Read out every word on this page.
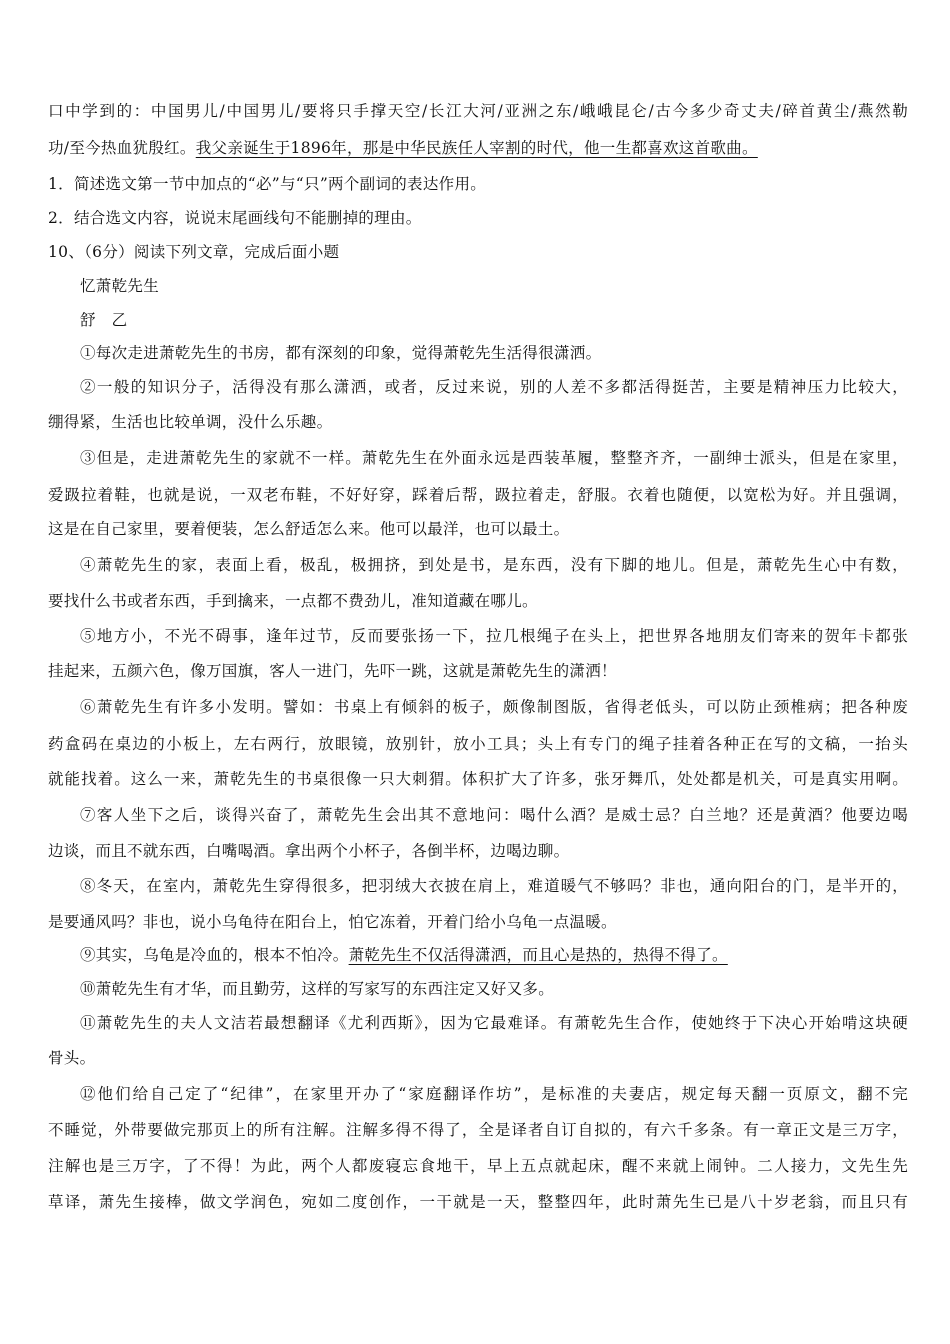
口中学到的：中国男儿/中国男儿/要将只手撑天空/长江大河/亚洲之东/峨峨昆仑/古今多少奇丈夫/碎首黄尘/燕然勒
功/至今热血犹殷红。我父亲诞生于1896年，那是中华民族任人宰割的时代，他一生都喜欢这首歌曲。
1．简述选文第一节中加点的“必”与“只”两个副词的表达作用。
2．结合选文内容，说说末尾画线句不能删掉的理由。
10、（6分）阅读下列文章，完成后面小题
忆萧乾先生
舒　乙
①每次走进萧乾先生的书房，都有深刻的印象，觉得萧乾先生活得很潇洒。
②一般的知识分子，活得没有那么潇洒，或者，反过来说，别的人差不多都活得挺苦，主要是精神压力比较大，
绷得紧，生活也比较单调，没什么乐趣。
③但是，走进萧乾先生的家就不一样。萧乾先生在外面永远是西装革履，整整齐齐，一副绅士派头，但是在家里，
爱趿拉着鞋，也就是说，一双老布鞋，不好好穿，踩着后帮，趿拉着走，舒服。衣着也随便，以宽松为好。并且强调，
这是在自己家里，要着便装，怎么舒适怎么来。他可以最洋，也可以最土。
④萧乾先生的家，表面上看，极乱，极拥挤，到处是书，是东西，没有下脚的地儿。但是，萧乾先生心中有数，
要找什么书或者东西，手到擒来，一点都不费劲儿，准知道藏在哪儿。
⑤地方小，不光不碍事，逢年过节，反而要张扬一下，拉几根绳子在头上，把世界各地朋友们寄来的贺年卡都张
挂起来，五颜六色，像万国旗，客人一进门，先吓一跳，这就是萧乾先生的潇洒！
⑥萧乾先生有许多小发明。譬如：书桌上有倾斜的板子，颇像制图版，省得老低头，可以防止颈椎病；把各种废
药盒码在桌边的小板上，左右两行，放眼镜，放别针，放小工具；头上有专门的绳子挂着各种正在写的文稿，一抬头
就能找着。这么一来，萧乾先生的书桌很像一只大刺猬。体积扩大了许多，张牙舞爪，处处都是机关，可是真实用啊。
⑦客人坐下之后，谈得兴奋了，萧乾先生会出其不意地问：喝什么酒？是威士忌？白兰地？还是黄酒？他要边喝
边谈，而且不就东西，白嘴喝酒。拿出两个小杯子，各倒半杯，边喝边聊。
⑧冬天，在室内，萧乾先生穿得很多，把羽绒大衣披在肩上，难道暖气不够吗？非也，通向阳台的门，是半开的，
是要通风吗？非也，说小乌龟待在阳台上，怕它冻着，开着门给小乌龟一点温暖。
⑨其实，乌龟是冷血的，根本不怕冷。萧乾先生不仅活得潇洒，而且心是热的，热得不得了。
⑩萧乾先生有才华，而且勤劳，这样的写家写的东西注定又好又多。
⑪萧乾先生的夫人文洁若最想翻译《尤利西斯》，因为它最难译。有萧乾先生合作，使她终于下决心开始啃这块硬
骨头。
⑫他们给自己定了“纪律”，在家里开办了“家庭翻译作坊”，是标准的夫妻店，规定每天翻一页原文，翻不完
不睡觉，外带要做完那页上的所有注解。注解多得不得了，全是译者自订自拟的，有六千多条。有一章正文是三万字，
注解也是三万字，了不得！为此，两个人都废寝忘食地干，早上五点就起床，醒不来就上闹钟。二人接力，文先生先
草译，萧先生接棒，做文学润色，宛如二度创作，一干就是一天，整整四年，此时萧先生已是八十岁老翁，而且只有
